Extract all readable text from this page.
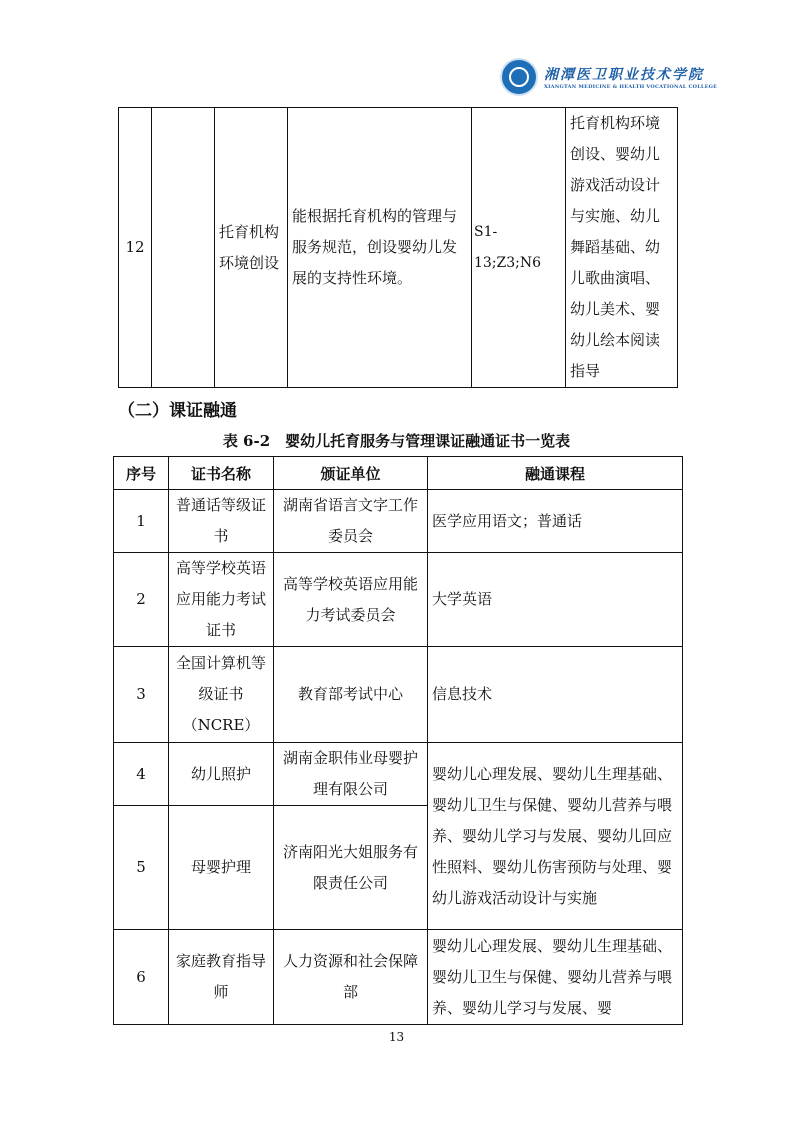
湘潭医卫职业技术学院
XIANGTAN MEDICINE & HEALTH VOCATIONAL COLLEGE
12		托育机构环境创设	能根据托育机构的管理与服务规范，创设婴幼儿发展的支持性环境。	S1-13;Z3;N6	托育机构环境创设、婴幼儿游戏活动设计与实施、幼儿舞蹈基础、幼儿歌曲演唱、幼儿美术、婴幼儿绘本阅读指导
（二）课证融通
表 6-2　婴幼儿托育服务与管理课证融通证书一览表
序号	证书名称	颁证单位	融通课程
1	普通话等级证书	湖南省语言文字工作委员会	医学应用语文；普通话
2	高等学校英语应用能力考试证书	高等学校英语应用能力考试委员会	大学英语
3	全国计算机等级证书（NCRE）	教育部考试中心	信息技术
4	幼儿照护	湖南金职伟业母婴护理有限公司	婴幼儿心理发展、婴幼儿生理基础、婴幼儿卫生与保健、婴幼儿营养与喂养、婴幼儿学习与发展、婴幼儿回应性照料、婴幼儿伤害预防与处理、婴幼儿游戏活动设计与实施
5	母婴护理	济南阳光大姐服务有限责任公司	
6	家庭教育指导师	人力资源和社会保障部	婴幼儿心理发展、婴幼儿生理基础、婴幼儿卫生与保健、婴幼儿营养与喂养、婴幼儿学习与发展、婴
13
